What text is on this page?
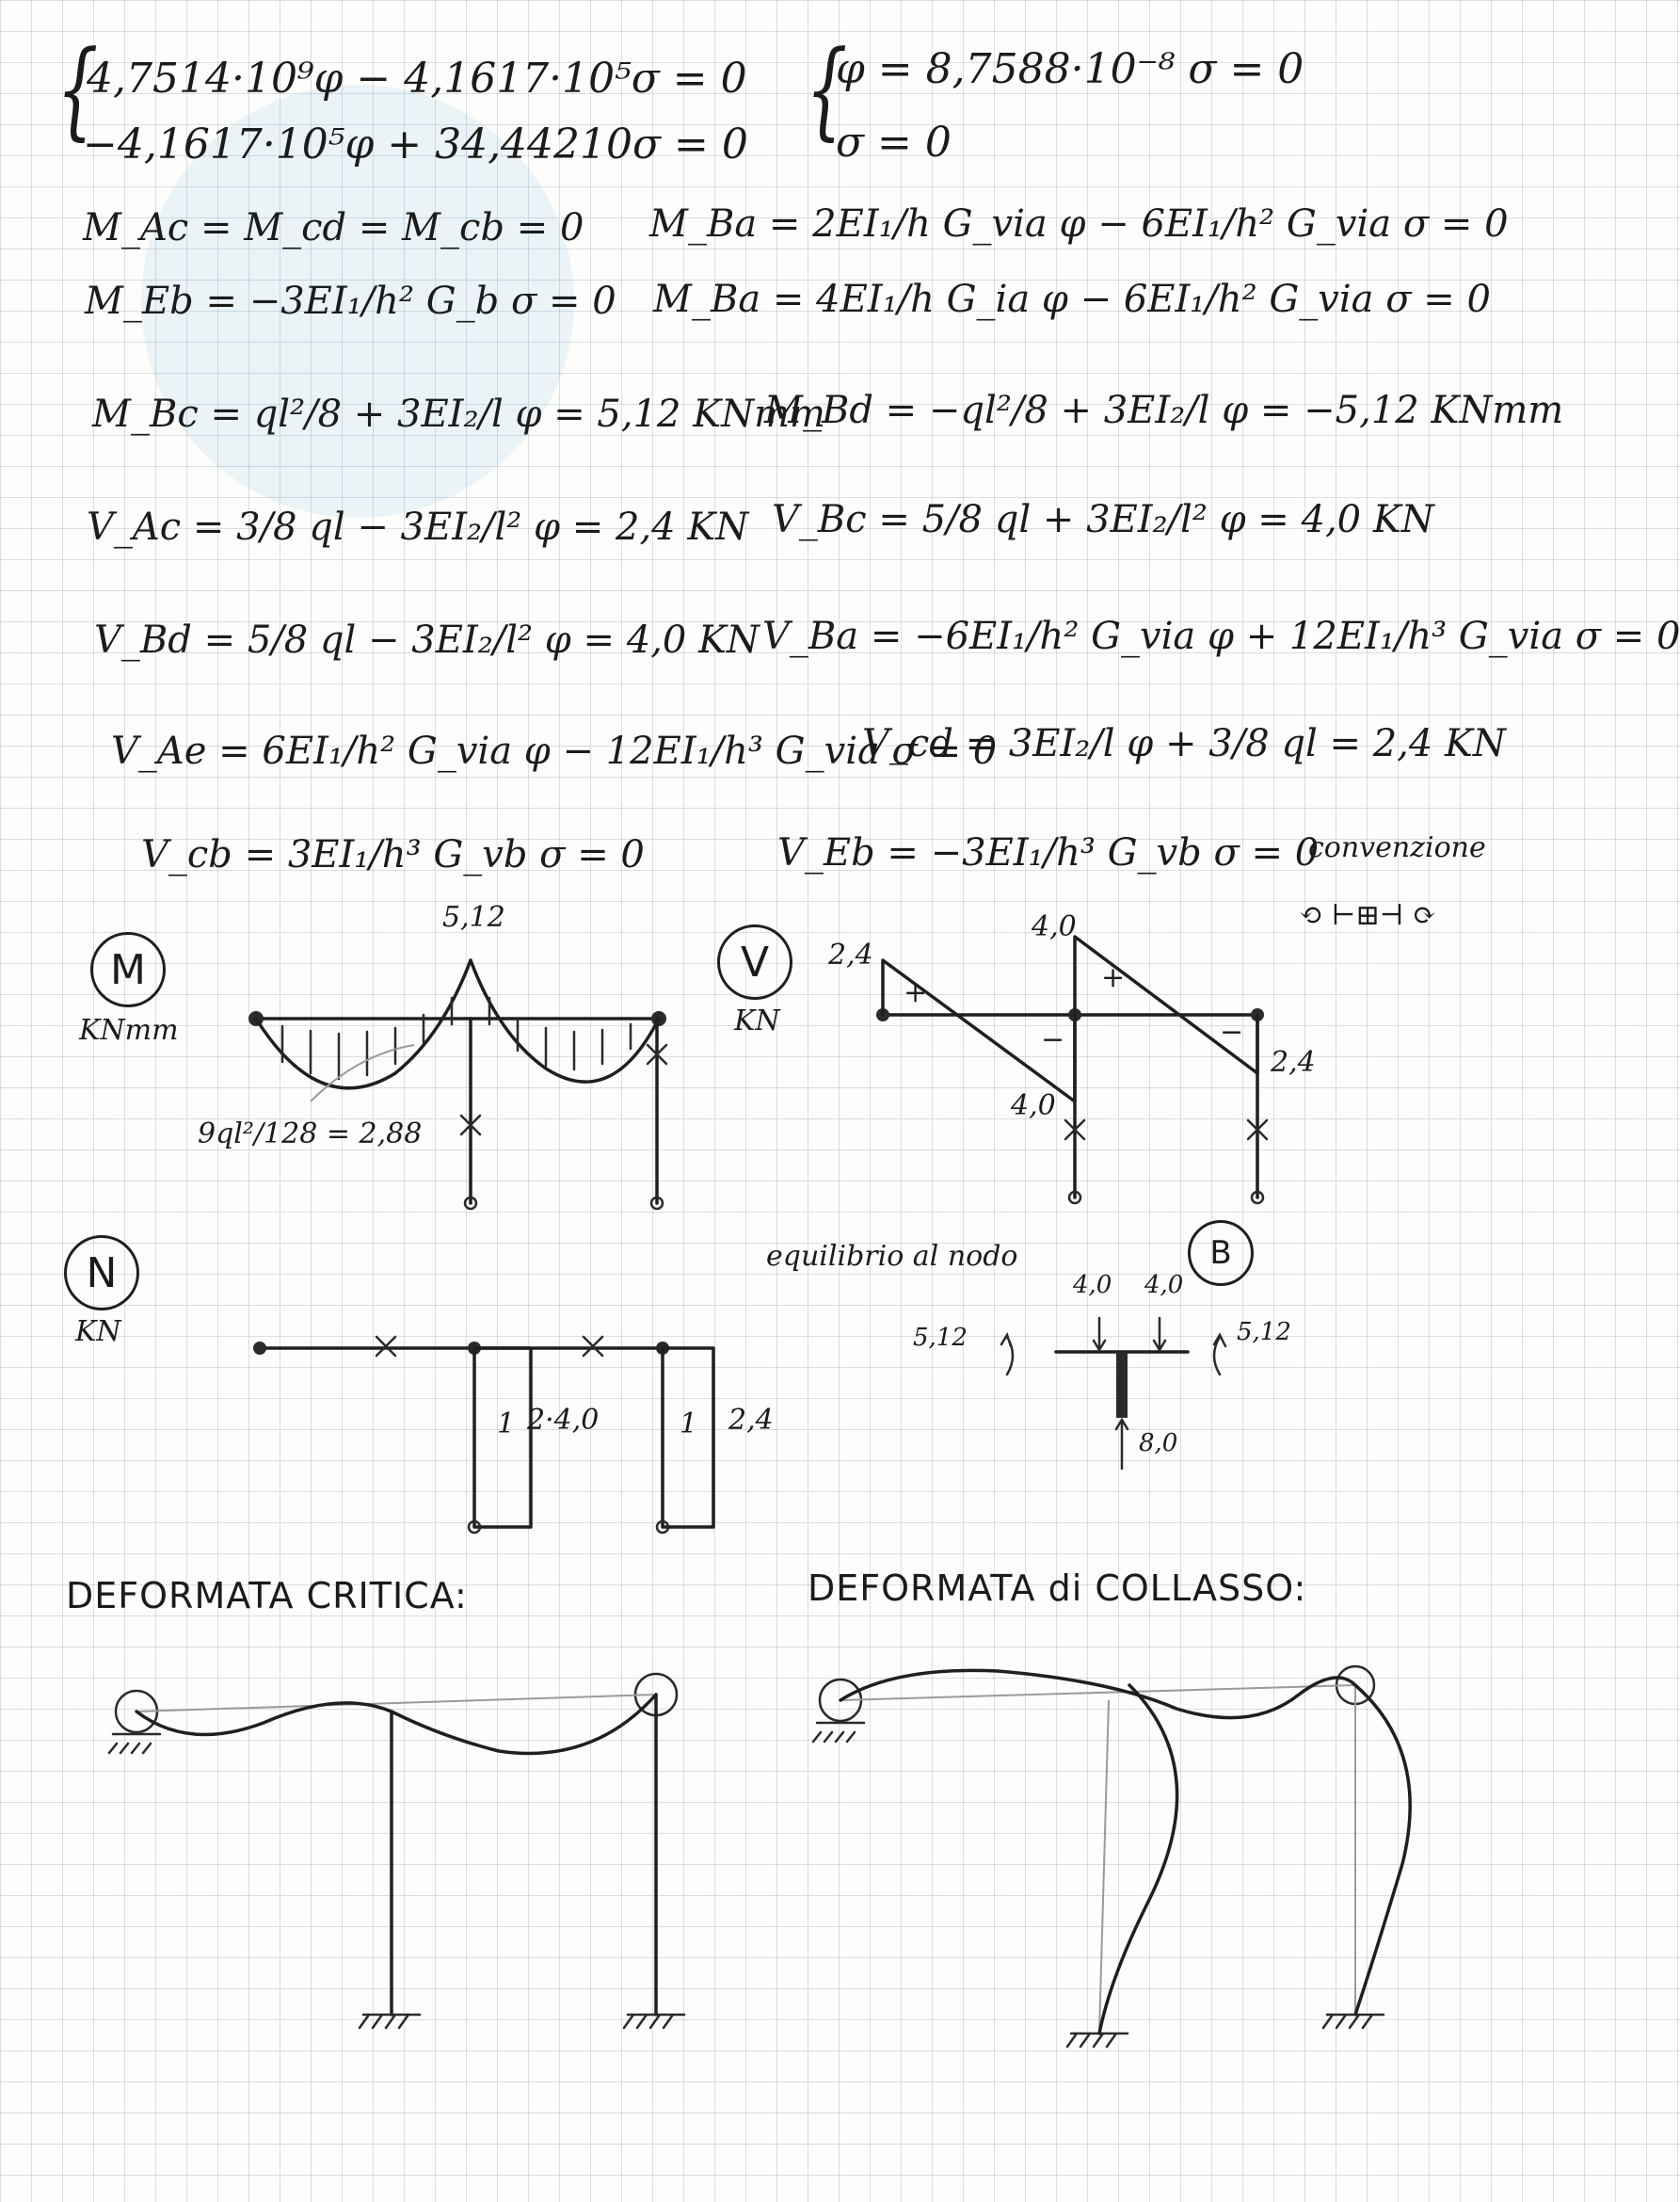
{
4,7514·10⁹φ − 4,1617·10⁵σ = 0
−4,1617·10⁵φ + 34,44210σ = 0 {
φ = 8,7588·10⁻⁸ σ = 0
σ = 0
M_Ac = M_cd = M_cb = 0 M_Ba = 2EI₁/h G_via φ − 6EI₁/h² G_via σ = 0
M_Eb = −3EI₁/h² G_b σ = 0 M_Ba = 4EI₁/h G_ia φ − 6EI₁/h² G_via σ = 0
M_Bc = ql²/8 + 3EI₂/l φ = 5,12 KNmm
M_Bd = −ql²/8 + 3EI₂/l φ = −5,12 KNmm
V_Ac = 3/8 ql − 3EI₂/l² φ = 2,4 KN V_Bc = 5/8 ql + 3EI₂/l² φ = 4,0 KN
V_Bd = 5/8 ql − 3EI₂/l² φ = 4,0 KN V_Ba = −6EI₁/h² G_via φ + 12EI₁/h³ G_via σ = 0
V_Ae = 6EI₁/h² G_via φ − 12EI₁/h³ G_via σ = 0
V_cd = 3EI₂/l φ + 3/8 ql = 2,4 KN
V_cb = 3EI₁/h³ G_vb σ = 0	V_Eb = −3EI₁/h³ G_vb σ = 0
convenzione
⟲ ⊢⊞⊣ ⟳
M
KNmm
5,12
9ql²/128 = 2,88
V
KN
2,4
4,0
4,0
2,4
+	+
−	−
N
KN
1 2·4,0	1 2,4
equilibrio al nodo	B
5,12	5,12
4,0 4,0
8,0
DEFORMATA CRITICA:	DEFORMATA di COLLASSO:
